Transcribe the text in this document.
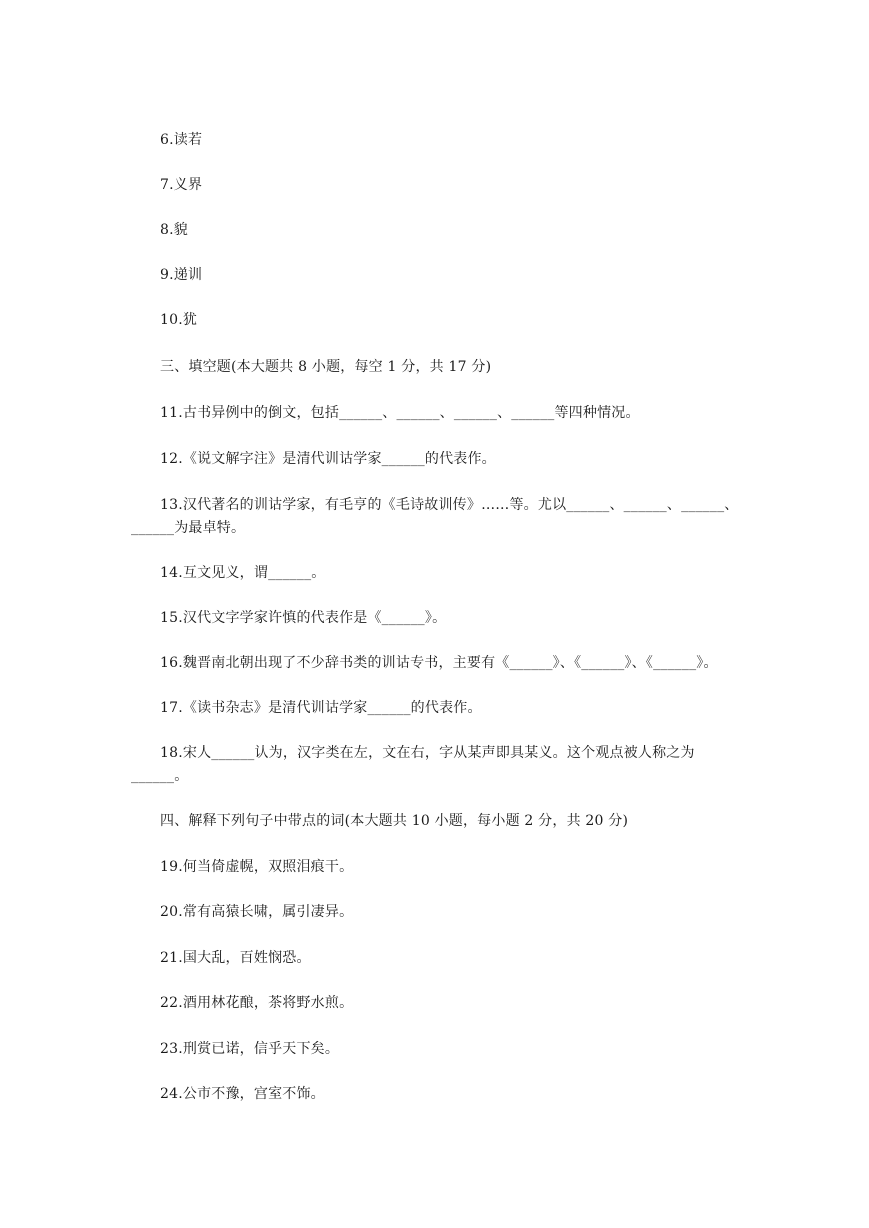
6.读若
7.义界
8.貌
9.递训
10.犹
三、填空题(本大题共 8 小题，每空 1 分，共 17 分)
11.古书异例中的倒文，包括______、______、______、______等四种情况。
12.《说文解字注》是清代训诂学家______的代表作。
13.汉代著名的训诂学家，有毛亨的《毛诗故训传》……等。尤以______、______、______、
______为最卓特。
14.互文见义，谓______。
15.汉代文字学家许慎的代表作是《______》。
16.魏晋南北朝出现了不少辞书类的训诂专书，主要有《______》、《______》、《______》。
17.《读书杂志》是清代训诂学家______的代表作。
18.宋人______认为，汉字类在左，文在右，字从某声即具某义。这个观点被人称之为
______。
四、解释下列句子中带点的词(本大题共 10 小题，每小题 2 分，共 20 分)
19.何当倚虚幌，双照泪痕干。
20.常有高猿长啸，属引凄异。
21.国大乱，百姓悯恐。
22.酒用林花酿，茶将野水煎。
23.刑赏已诺，信乎天下矣。
24.公市不豫，宫室不饰。
